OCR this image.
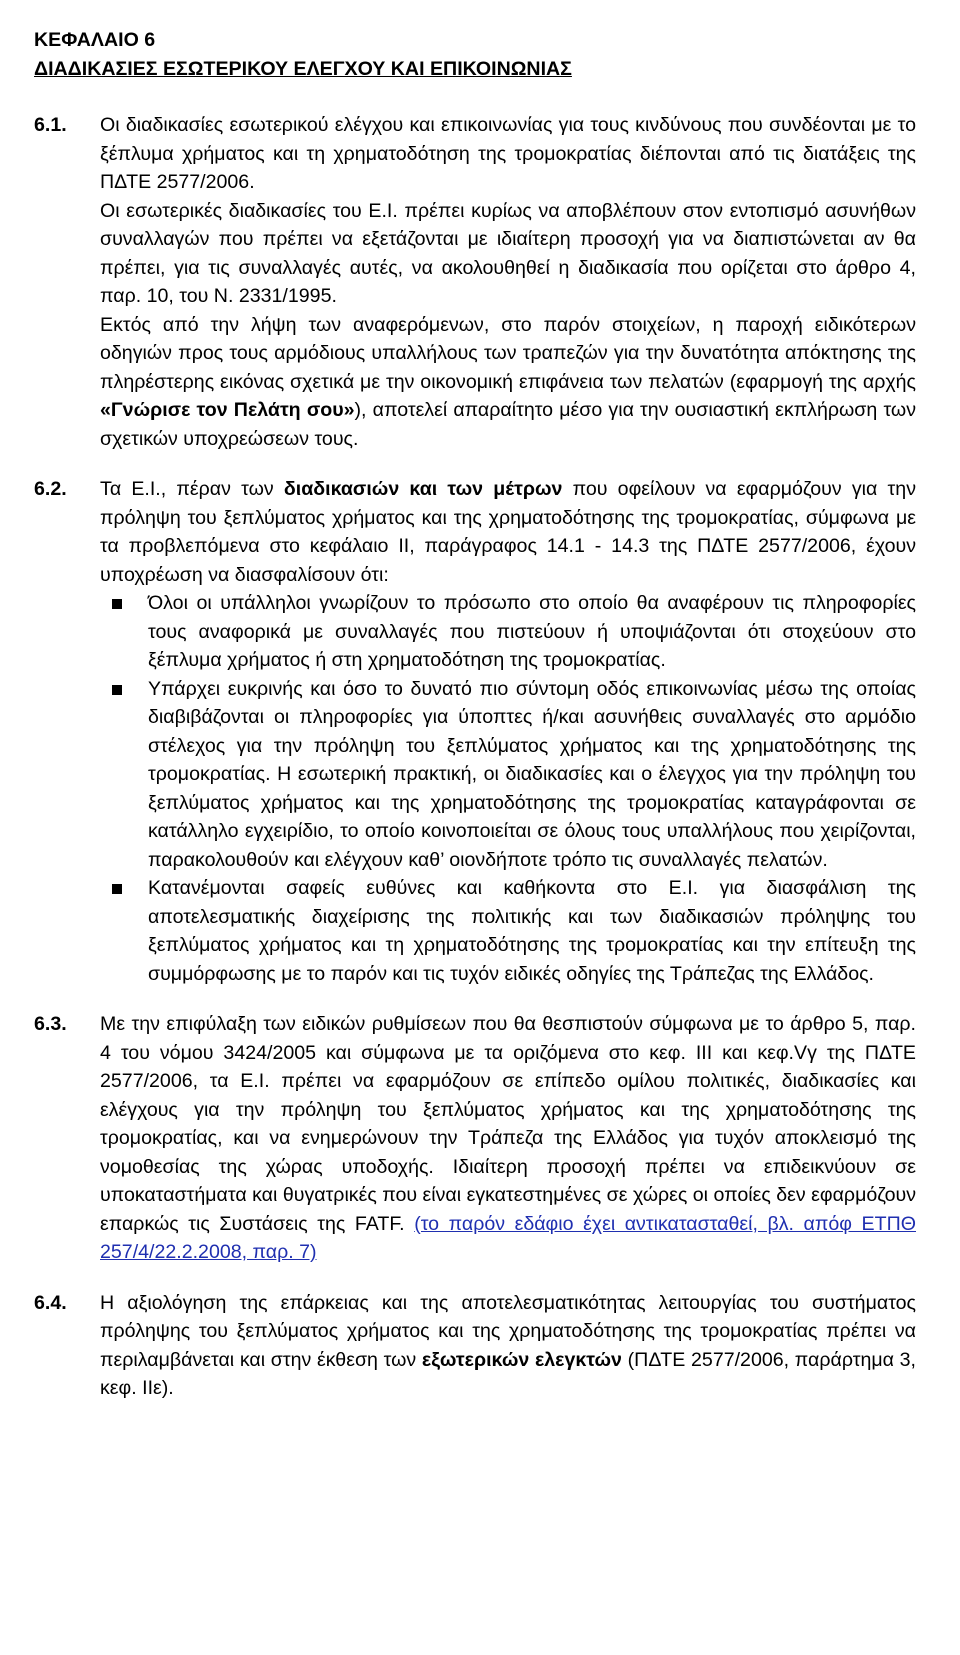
ΚΕΦΑΛΑΙΟ 6
ΔΙΑΔΙΚΑΣΙΕΣ ΕΣΩΤΕΡΙΚΟΥ ΕΛΕΓΧΟΥ ΚΑΙ ΕΠΙΚΟΙΝΩΝΙΑΣ
6.1.	Οι διαδικασίες εσωτερικού ελέγχου και επικοινωνίας για τους κινδύνους που συνδέονται με το ξέπλυμα χρήματος και τη χρηματοδότηση της τρομοκρατίας διέπονται από τις διατάξεις της ΠΔΤΕ 2577/2006.

Οι εσωτερικές διαδικασίες του Ε.Ι. πρέπει κυρίως να αποβλέπουν στον εντοπισμό ασυνήθων συναλλαγών που πρέπει να εξετάζονται με ιδιαίτερη προσοχή για να διαπιστώνεται αν θα πρέπει, για τις συναλλαγές αυτές, να ακολουθηθεί η διαδικασία που ορίζεται στο άρθρο 4, παρ. 10, του Ν. 2331/1995.

Εκτός από την λήψη των αναφερόμενων, στο παρόν στοιχείων, η παροχή ειδικότερων οδηγιών προς τους αρμόδιους υπαλλήλους των τραπεζών για την δυνατότητα απόκτησης της πληρέστερης εικόνας σχετικά με την οικονομική επιφάνεια των πελατών (εφαρμογή της αρχής «Γνώρισε τον Πελάτη σου»), αποτελεί απαραίτητο μέσο για την ουσιαστική εκπλήρωση των σχετικών υποχρεώσεων τους.

6.2.	Τα Ε.Ι., πέραν των διαδικασιών και των μέτρων που οφείλουν να εφαρμόζουν για την πρόληψη του ξεπλύματος χρήματος και της χρηματοδότησης της τρομοκρατίας, σύμφωνα με τα προβλεπόμενα στο κεφάλαιο ΙΙ, παράγραφος 14.1 - 14.3 της ΠΔΤΕ 2577/2006, έχουν υποχρέωση να διασφαλίσουν ότι:

Όλοι οι υπάλληλοι γνωρίζουν το πρόσωπο στο οποίο θα αναφέρουν τις πληροφορίες τους αναφορικά με συναλλαγές που πιστεύουν ή υποψιάζονται ότι στοχεύουν στο ξέπλυμα χρήματος ή στη χρηματοδότηση της τρομοκρατίας.
Υπάρχει ευκρινής και όσο το δυνατό πιο σύντομη οδός επικοινωνίας μέσω της οποίας διαβιβάζονται οι πληροφορίες για ύποπτες ή/και ασυνήθεις συναλλαγές στο αρμόδιο στέλεχος για την πρόληψη του ξεπλύματος χρήματος και της χρηματοδότησης της τρομοκρατίας. Η εσωτερική πρακτική, οι διαδικασίες και ο έλεγχος για την πρόληψη του ξεπλύματος χρήματος και της χρηματοδότησης της τρομοκρατίας καταγράφονται σε κατάλληλο εγχειρίδιο, το οποίο κοινοποιείται σε όλους τους υπαλλήλους που χειρίζονται, παρακολουθούν και ελέγχουν καθ’ οιονδήποτε τρόπο τις συναλλαγές πελατών.
Κατανέμονται σαφείς ευθύνες και καθήκοντα στο Ε.Ι. για διασφάλιση της αποτελεσματικής διαχείρισης της πολιτικής και των διαδικασιών πρόληψης του ξεπλύματος χρήματος και τη χρηματοδότησης της τρομοκρατίας και την επίτευξη της συμμόρφωσης με το παρόν και τις τυχόν ειδικές οδηγίες της Τράπεζας της Ελλάδος.
6.3.	Με την επιφύλαξη των ειδικών ρυθμίσεων που θα θεσπιστούν σύμφωνα με το άρθρο 5, παρ. 4 του νόμου 3424/2005 και σύμφωνα με τα οριζόμενα στο κεφ. ΙΙΙ και κεφ.Vγ της ΠΔΤΕ 2577/2006, τα Ε.Ι. πρέπει να εφαρμόζουν σε επίπεδο ομίλου πολιτικές, διαδικασίες και ελέγχους για την πρόληψη του ξεπλύματος χρήματος και της χρηματοδότησης της τρομοκρατίας, και να ενημερώνουν την Τράπεζα της Ελλάδος για τυχόν αποκλεισμό της νομοθεσίας της χώρας υποδοχής. Ιδιαίτερη προσοχή πρέπει να επιδεικνύουν σε υποκαταστήματα και θυγατρικές που είναι εγκατεστημένες σε χώρες οι οποίες δεν εφαρμόζουν επαρκώς τις Συστάσεις της FATF. (το παρόν εδάφιο έχει αντικατασταθεί, βλ. απόφ ΕΤΠΘ 257/4/22.2.2008, παρ. 7)

6.4.	Η αξιολόγηση της επάρκειας και της αποτελεσματικότητας λειτουργίας του συστήματος πρόληψης του ξεπλύματος χρήματος και της χρηματοδότησης της τρομοκρατίας πρέπει να περιλαμβάνεται και στην έκθεση των εξωτερικών ελεγκτών (ΠΔΤΕ 2577/2006, παράρτημα 3, κεφ. ΙΙε).
